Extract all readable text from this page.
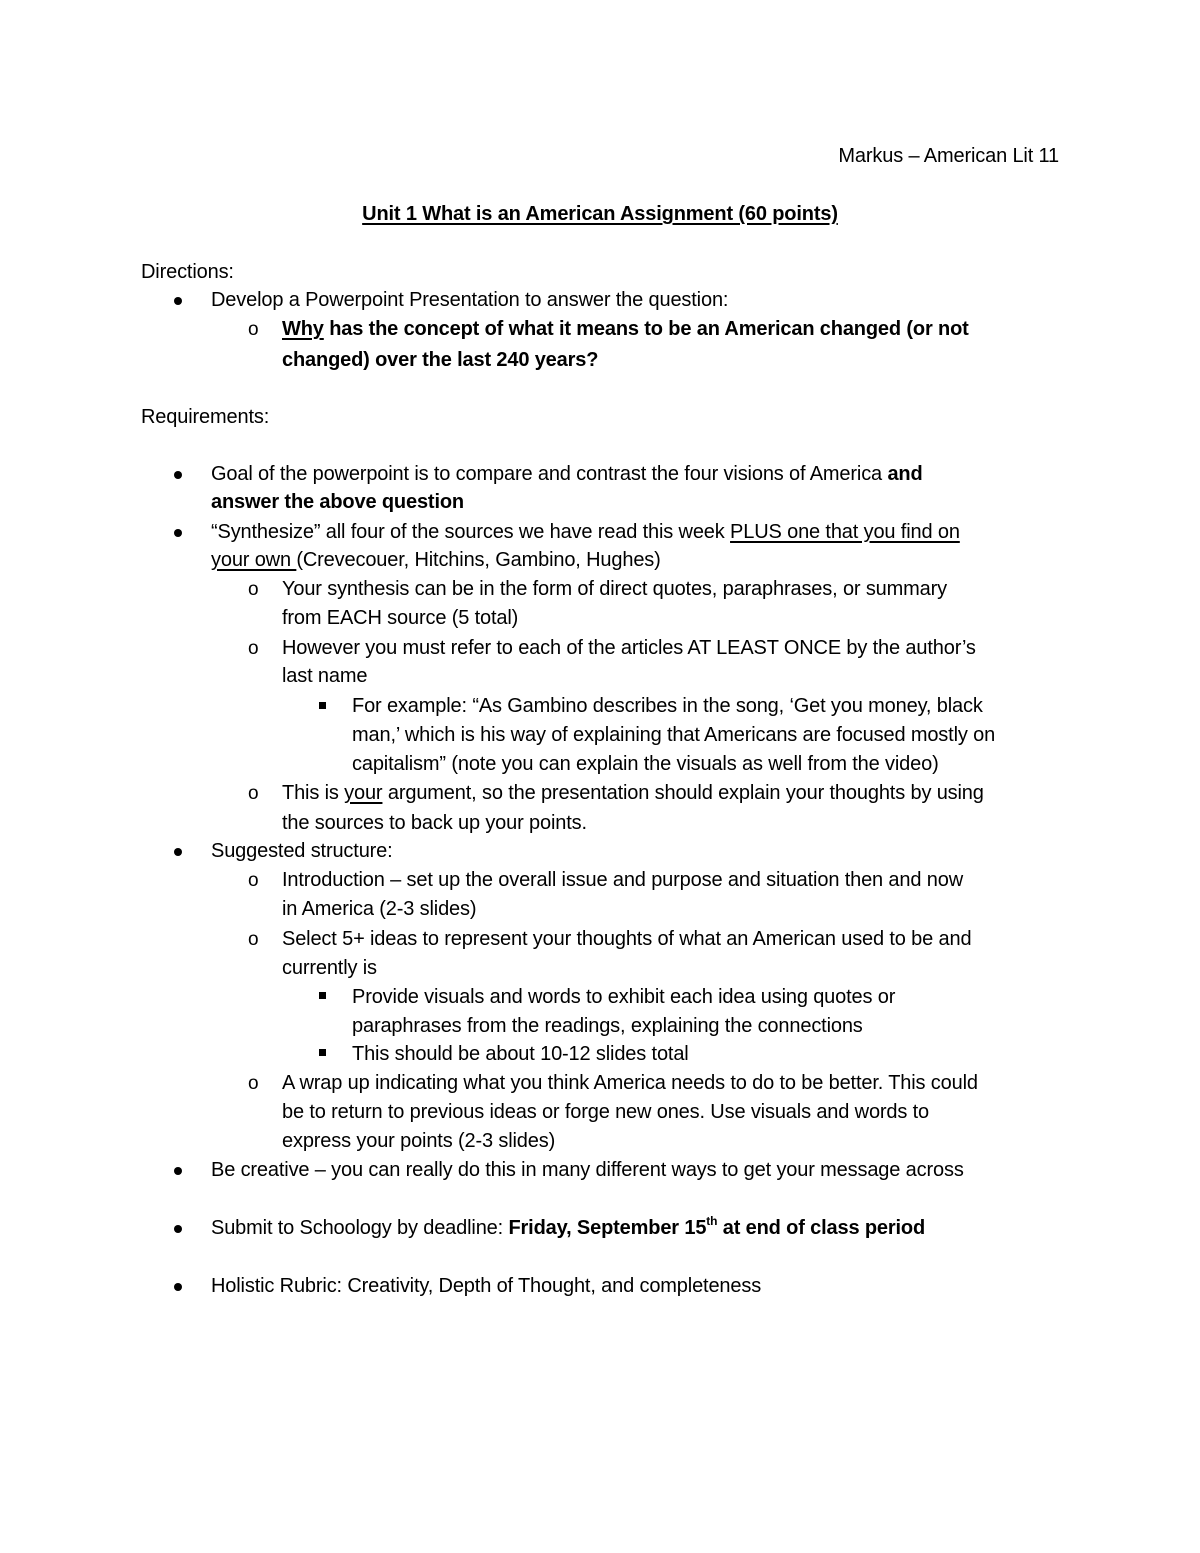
Markus – American Lit 11
Unit 1 What is an American Assignment (60 points)
Directions:
Develop a Powerpoint Presentation to answer the question:
o Why has the concept of what it means to be an American changed (or not
changed) over the last 240 years?
Requirements:
Goal of the powerpoint is to compare and contrast the four visions of America and
answer the above question
“Synthesize” all four of the sources we have read this week PLUS one that you find on
your own (Crevecouer, Hitchins, Gambino, Hughes)
o Your synthesis can be in the form of direct quotes, paraphrases, or summary
from EACH source (5 total)
o However you must refer to each of the articles AT LEAST ONCE by the author’s
last name
For example: “As Gambino describes in the song, ‘Get you money, black
man,’ which is his way of explaining that Americans are focused mostly on
capitalism” (note you can explain the visuals as well from the video)
o This is your argument, so the presentation should explain your thoughts by using
the sources to back up your points.
Suggested structure:
o Introduction – set up the overall issue and purpose and situation then and now
in America (2-3 slides)
o Select 5+ ideas to represent your thoughts of what an American used to be and
currently is
Provide visuals and words to exhibit each idea using quotes or
paraphrases from the readings, explaining the connections
This should be about 10-12 slides total
o A wrap up indicating what you think America needs to do to be better. This could
be to return to previous ideas or forge new ones. Use visuals and words to
express your points (2-3 slides)
Be creative – you can really do this in many different ways to get your message across
Submit to Schoology by deadline: Friday, September 15th at end of class period
Holistic Rubric: Creativity, Depth of Thought, and completeness
